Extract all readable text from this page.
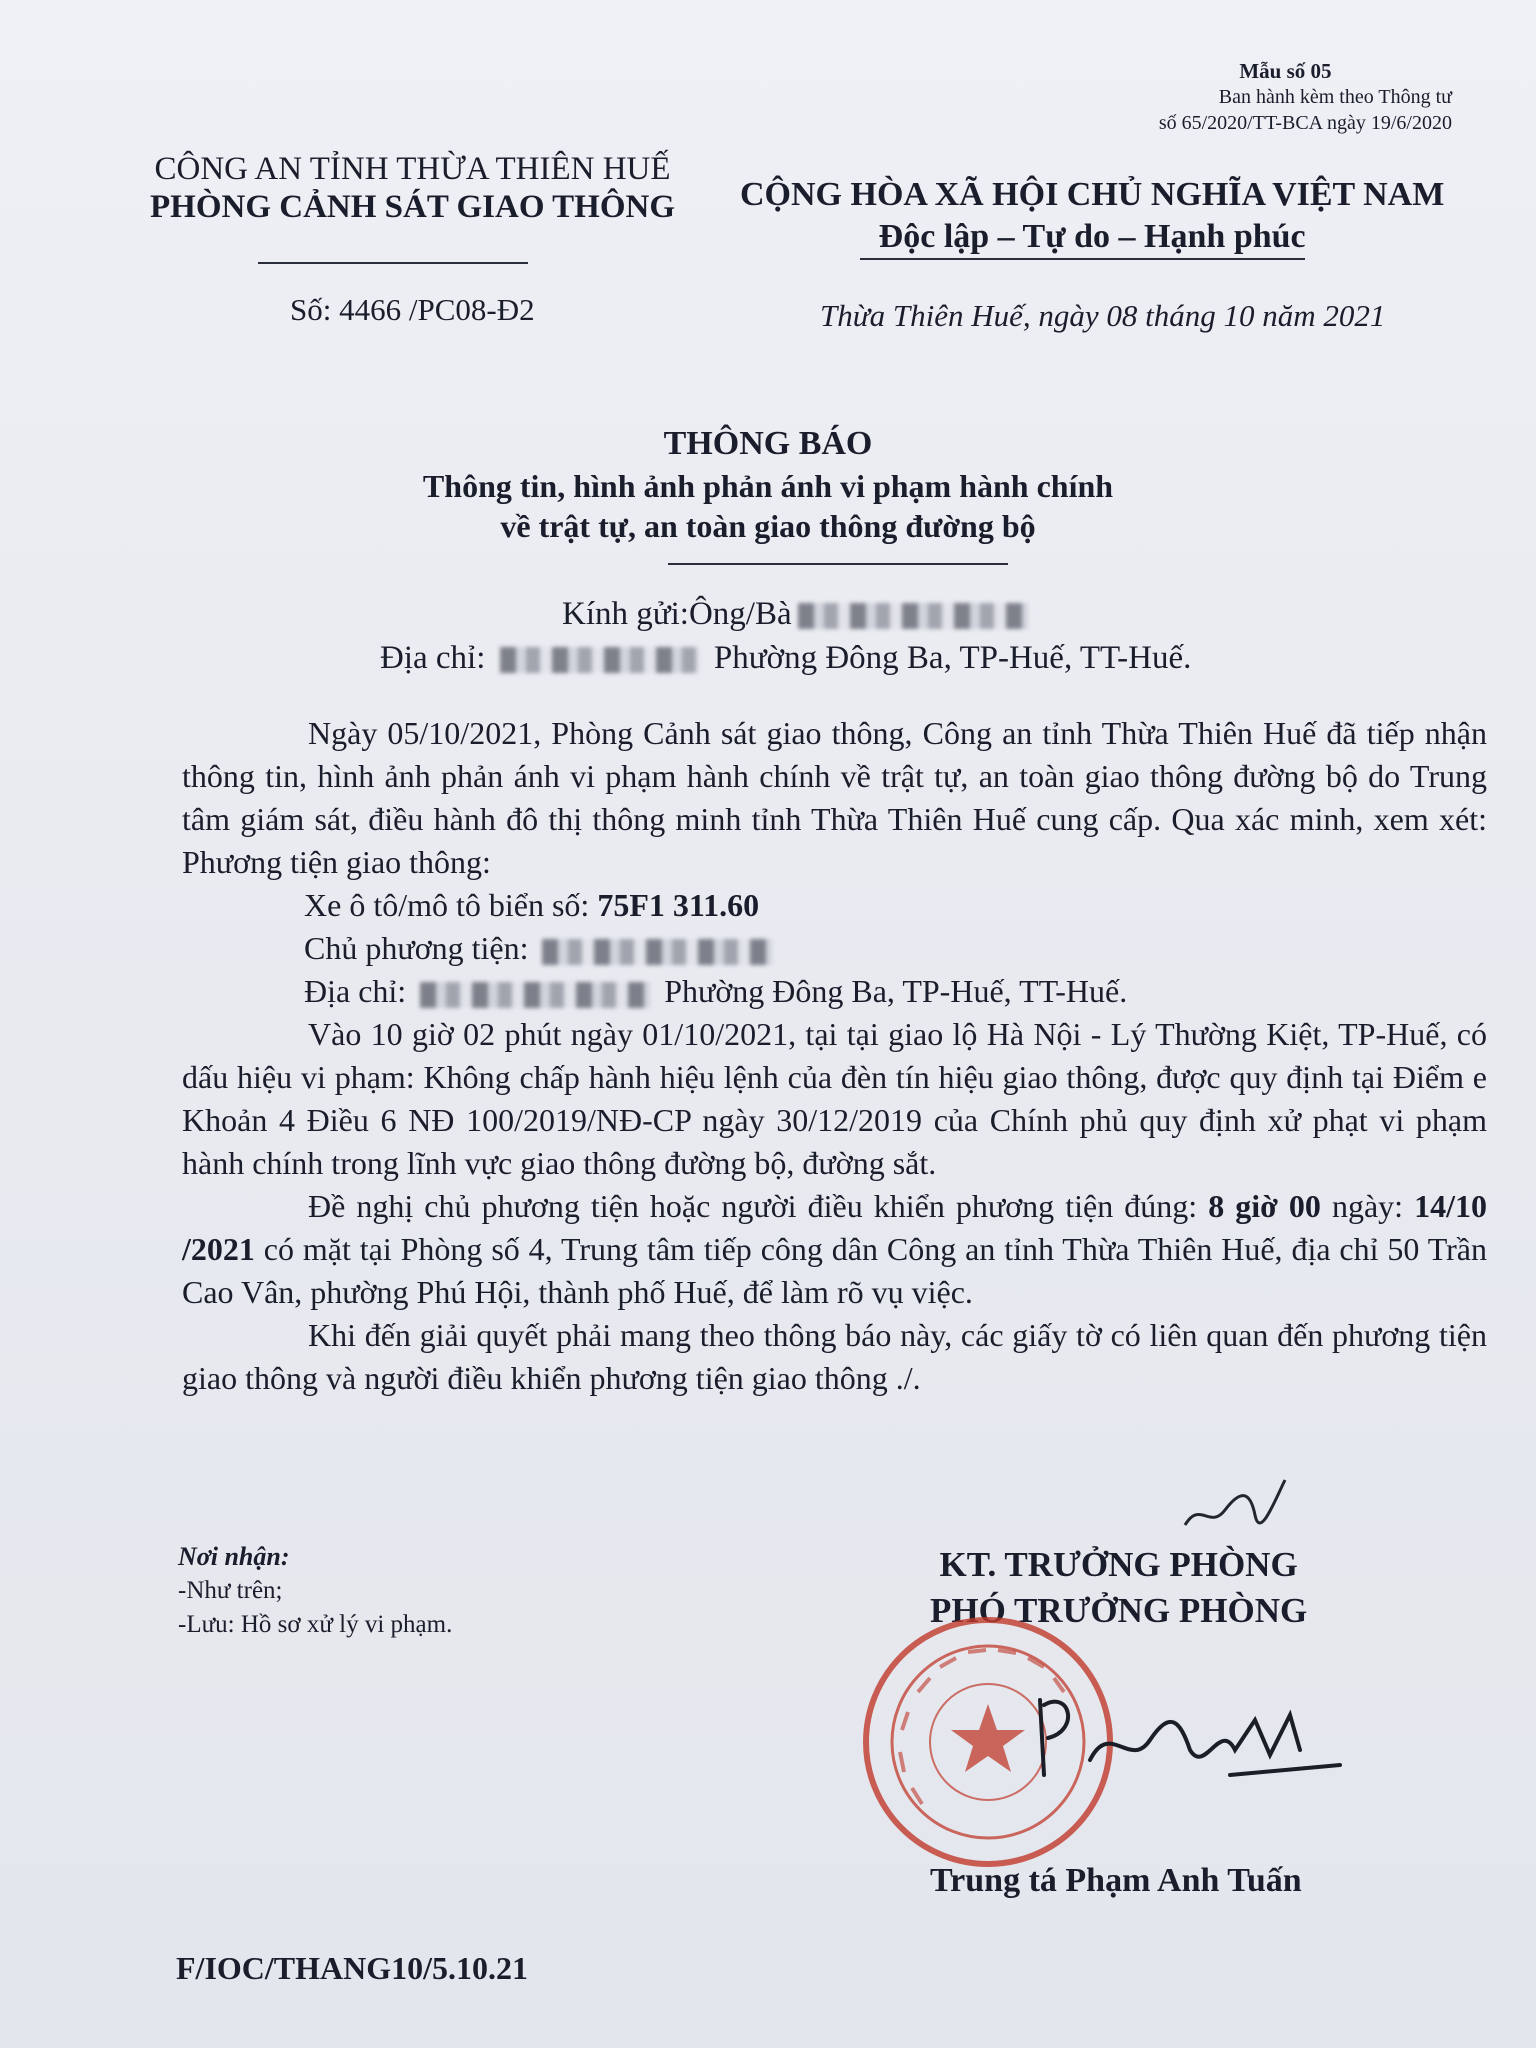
Mẫu số 05
Ban hành kèm theo Thông tư
số 65/2020/TT-BCA ngày 19/6/2020
CÔNG AN TỈNH THỪA THIÊN HUẾ
PHÒNG CẢNH SÁT GIAO THÔNG CỘNG HÒA XÃ HỘI CHỦ NGHĨA VIỆT NAM
Độc lập – Tự do – Hạnh phúc
Số: 4466 /PC08-Đ2	Thừa Thiên Huế, ngày 08 tháng 10 năm 2021
THÔNG BÁO
Thông tin, hình ảnh phản ánh vi phạm hành chính
về trật tự, an toàn giao thông đường bộ
Kính gửi:Ông/Bà
Địa chỉ:	Phường Đông Ba, TP-Huế, TT-Huế.

Ngày 05/10/2021, Phòng Cảnh sát giao thông, Công an tỉnh Thừa Thiên Huế đã tiếp nhận thông tin, hình ảnh phản ánh vi phạm hành chính về trật tự, an toàn giao thông đường bộ do Trung tâm giám sát, điều hành đô thị thông minh tỉnh Thừa Thiên Huế cung cấp. Qua xác minh, xem xét: Phương tiện giao thông:

Xe ô tô/mô tô biển số: 75F1 311.60

Chủ phương tiện:

Địa chỉ:	Phường Đông Ba, TP-Huế, TT-Huế.

Vào 10 giờ 02 phút ngày 01/10/2021, tại tại giao lộ Hà Nội - Lý Thường Kiệt, TP-Huế, có dấu hiệu vi phạm: Không chấp hành hiệu lệnh của đèn tín hiệu giao thông, được quy định tại Điểm e Khoản 4 Điều 6 NĐ 100/2019/NĐ-CP ngày 30/12/2019 của Chính phủ quy định xử phạt vi phạm hành chính trong lĩnh vực giao thông đường bộ, đường sắt.

Đề nghị chủ phương tiện hoặc người điều khiển phương tiện đúng: 8 giờ 00 ngày: 14/10 /2021 có mặt tại Phòng số 4, Trung tâm tiếp công dân Công an tỉnh Thừa Thiên Huế, địa chỉ 50 Trần Cao Vân, phường Phú Hội, thành phố Huế, để làm rõ vụ việc.

Khi đến giải quyết phải mang theo thông báo này, các giấy tờ có liên quan đến phương tiện giao thông và người điều khiển phương tiện giao thông ./.

Nơi nhận:
-Như trên;
-Lưu: Hồ sơ xử lý vi phạm.
KT. TRƯỞNG PHÒNG
PHÓ TRƯỞNG PHÒNG
Trung tá Phạm Anh Tuấn
F/IOC/THANG10/5.10.21
